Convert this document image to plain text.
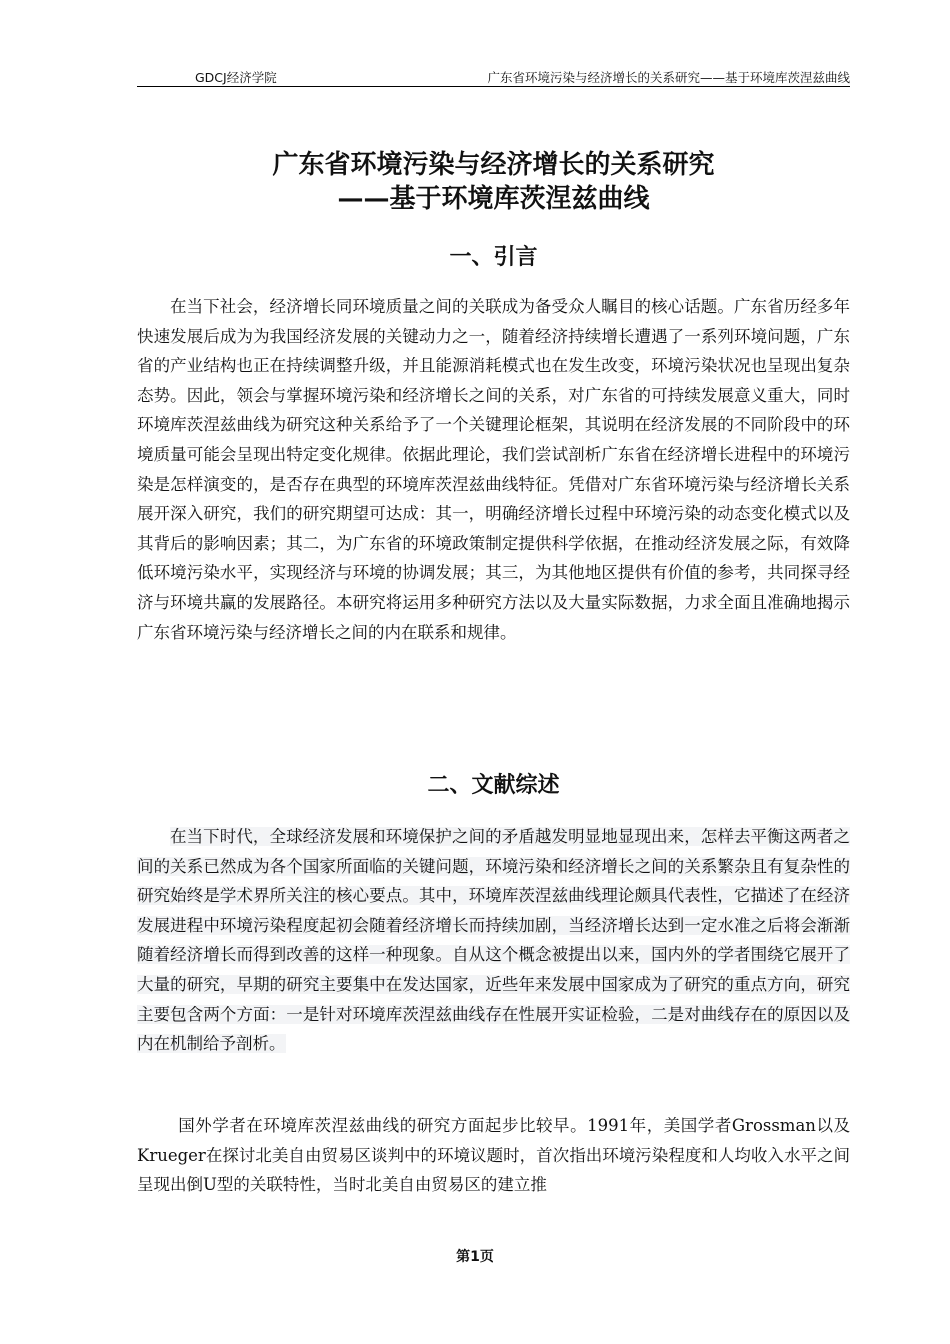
GDCJ经济学院	广东省环境污染与经济增长的关系研究——基于环境库茨涅兹曲线
广东省环境污染与经济增长的关系研究
——基于环境库茨涅兹曲线
一、引言

在当下社会，经济增长同环境质量之间的关联成为备受众人瞩目的核心话题。广东省历经多年快速发展后成为为我国经济发展的关键动力之一，随着经济持续增长遭遇了一系列环境问题，广东省的产业结构也正在持续调整升级，并且能源消耗模式也在发生改变，环境污染状况也呈现出复杂态势。因此，领会与掌握环境污染和经济增长之间的关系，对广东省的可持续发展意义重大，同时环境库茨涅兹曲线为研究这种关系给予了一个关键理论框架，其说明在经济发展的不同阶段中的环境质量可能会呈现出特定变化规律。依据此理论，我们尝试剖析广东省在经济增长进程中的环境污染是怎样演变的，是否存在典型的环境库茨涅兹曲线特征。凭借对广东省环境污染与经济增长关系展开深入研究，我们的研究期望可达成：其一，明确经济增长过程中环境污染的动态变化模式以及其背后的影响因素；其二，为广东省的环境政策制定提供科学依据，在推动经济发展之际，有效降低环境污染水平，实现经济与环境的协调发展；其三，为其他地区提供有价值的参考，共同探寻经济与环境共赢的发展路径。本研究将运用多种研究方法以及大量实际数据，力求全面且准确地揭示广东省环境污染与经济增长之间的内在联系和规律。

二、文献综述

在当下时代，全球经济发展和环境保护之间的矛盾越发明显地显现出来，怎样去平衡这两者之间的关系已然成为各个国家所面临的关键问题，环境污染和经济增长之间的关系繁杂且有复杂性的研究始终是学术界所关注的核心要点。其中，环境库茨涅兹曲线理论颇具代表性，它描述了在经济发展进程中环境污染程度起初会随着经济增长而持续加剧，当经济增长达到一定水准之后将会渐渐随着经济增长而得到改善的这样一种现象。自从这个概念被提出以来，国内外的学者围绕它展开了大量的研究，早期的研究主要集中在发达国家，近些年来发展中国家成为了研究的重点方向，研究主要包含两个方面：一是针对环境库茨涅兹曲线存在性展开实证检验，二是对曲线存在的原因以及内在机制给予剖析。

国外学者在环境库茨涅兹曲线的研究方面起步比较早。1991年，美国学者Grossman以及Krueger在探讨北美自由贸易区谈判中的环境议题时，首次指出环境污染程度和人均收入水平之间呈现出倒U型的关联特性，当时北美自由贸易区的建立推

第1页
